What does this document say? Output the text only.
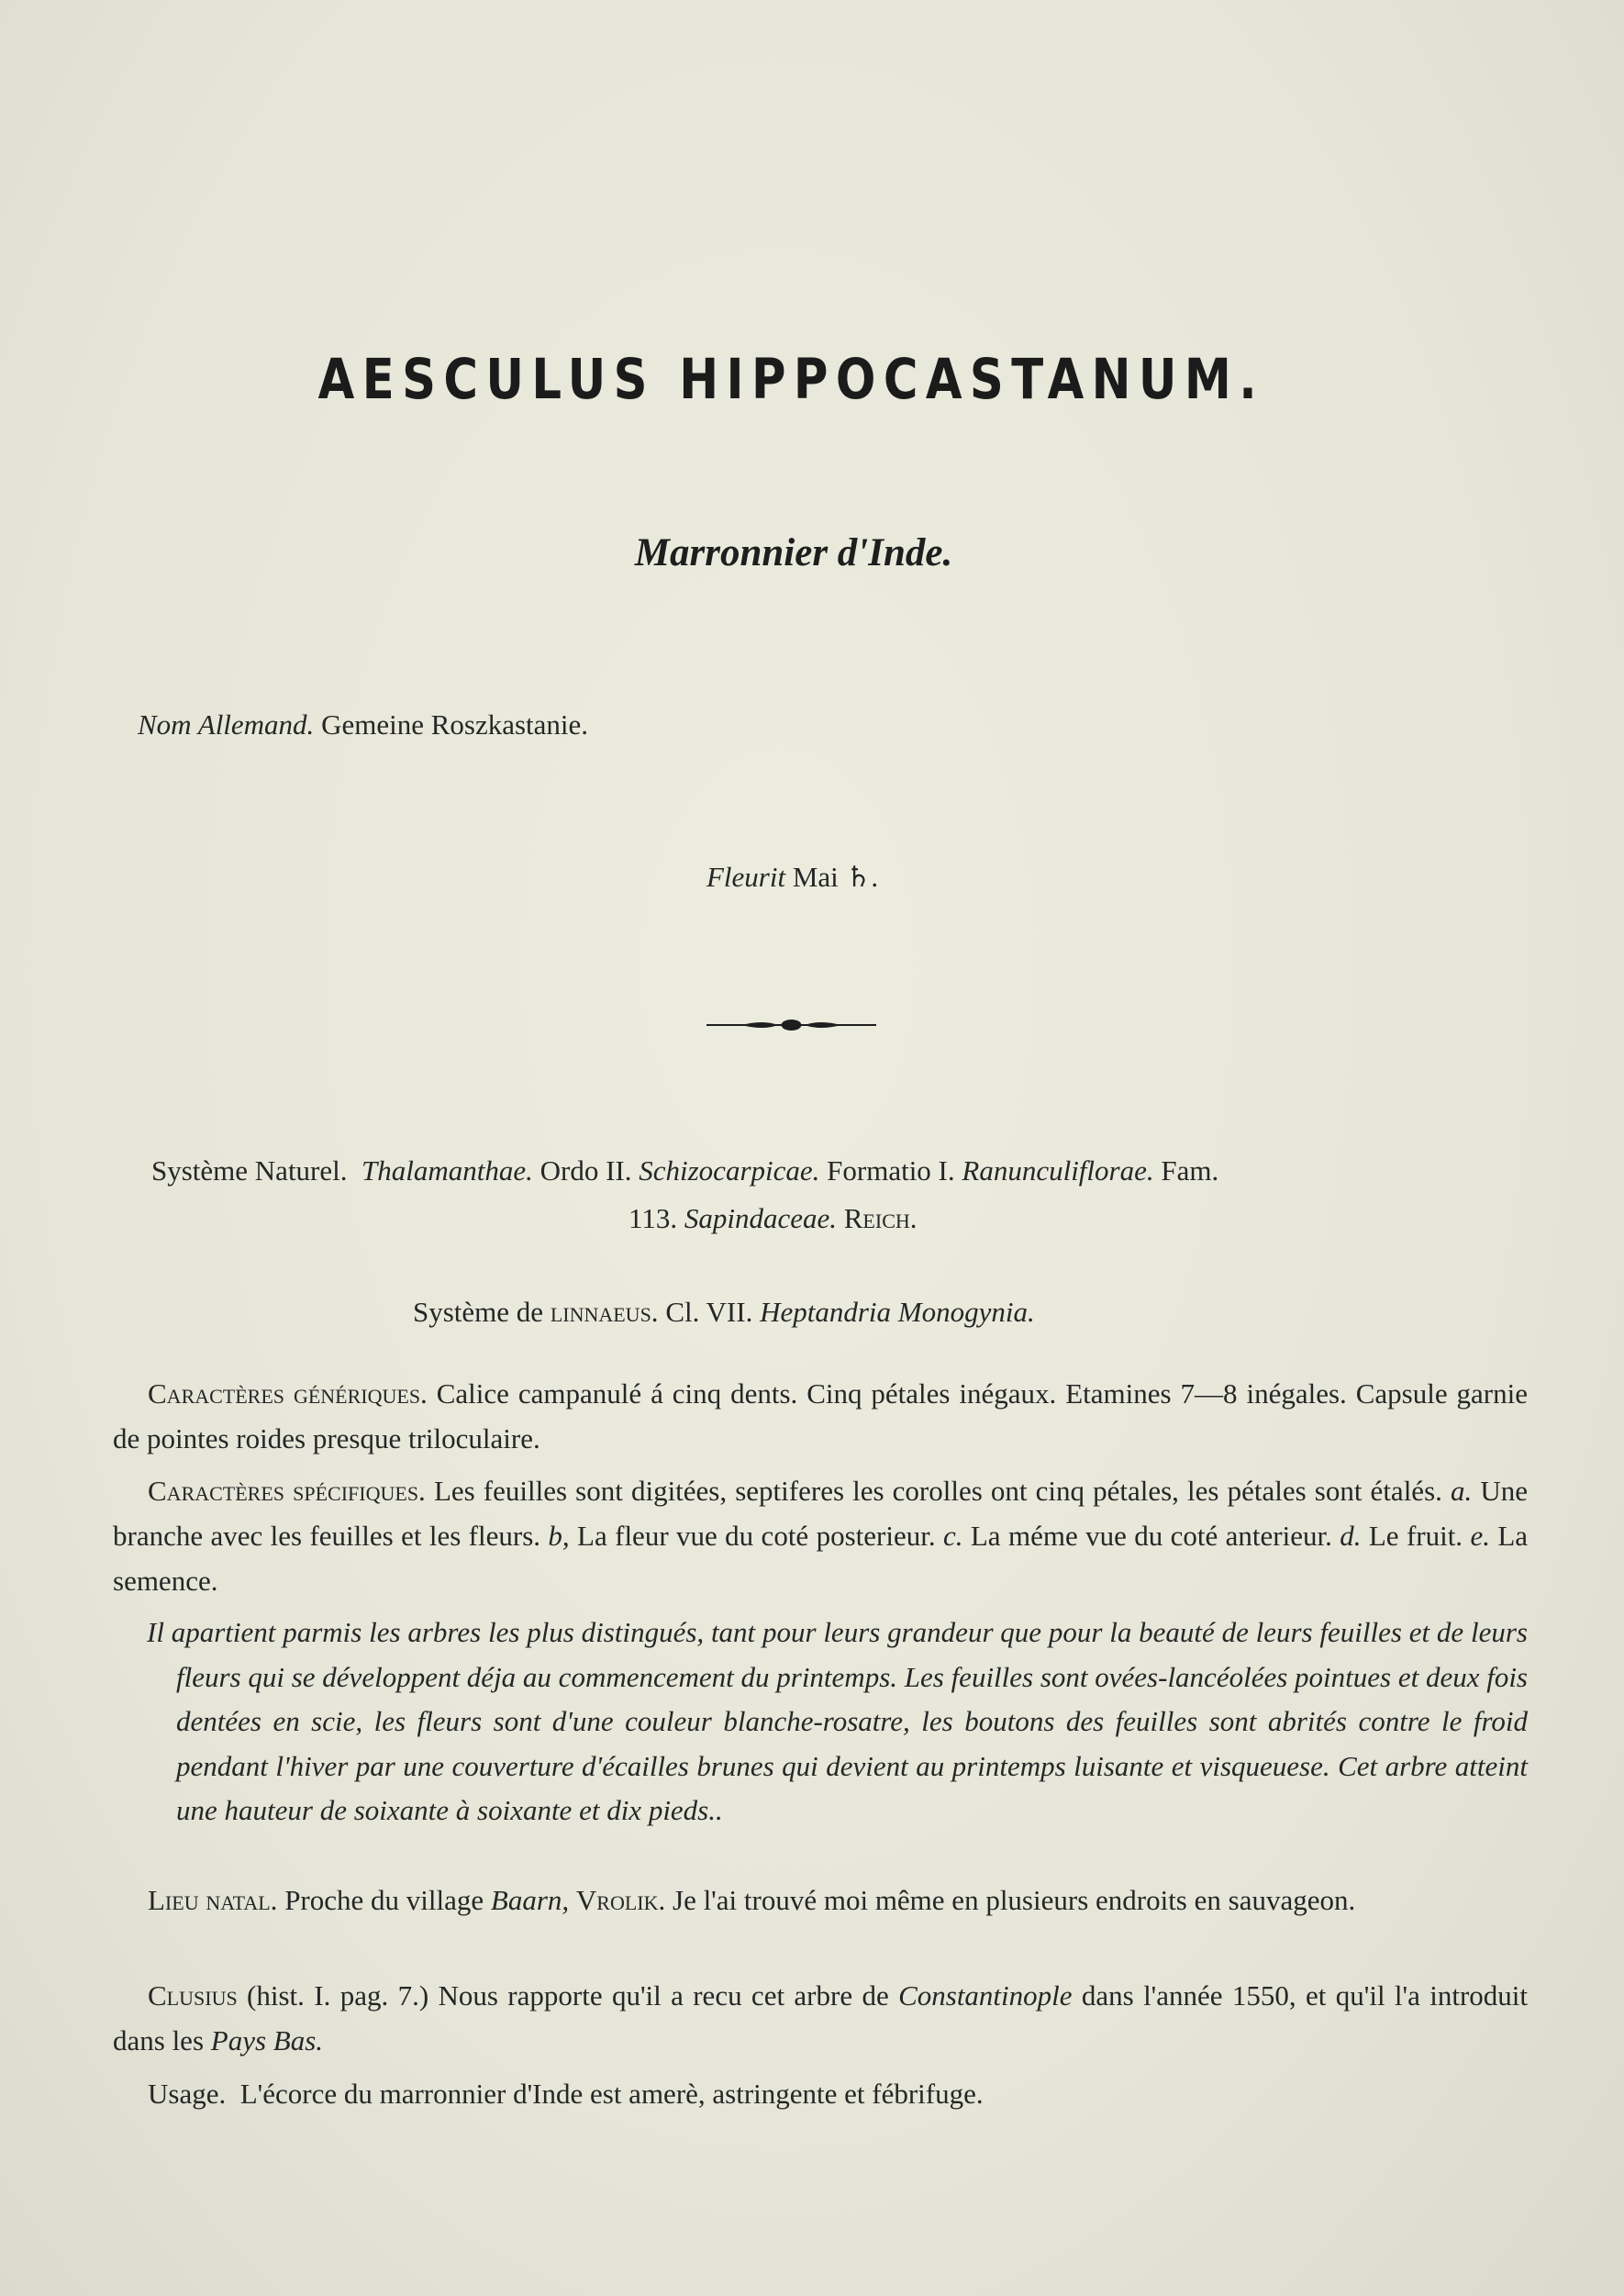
AESCULUS HIPPOCASTANUM.
Marronnier d'Inde.
Nom Allemand. Gemeine Roszkastanie.
Fleurit Mai ♄.
Système Naturel. Thalamanthae. Ordo II. Schizocarpicae. Formatio I. Ranunculiflorae. Fam.
113. Sapindaceae. Reich.
Système de linnaeus. Cl. VII. Heptandria Monogynia.
Caractères génériques. Calice campanulé á cinq dents. Cinq pétales inégaux. Etamines 7—8 inégales. Capsule garnie de pointes roides presque triloculaire.
Caractères spécifiques. Les feuilles sont digitées, septiferes les corolles ont cinq pétales, les pétales sont étalés. a. Une branche avec les feuilles et les fleurs. b, La fleur vue du coté posterieur. c. La méme vue du coté anterieur. d. Le fruit. e. La semence.
Il apartient parmis les arbres les plus distingués, tant pour leurs grandeur que pour la beauté de leurs feuilles et de leurs fleurs qui se développent déja au commencement du printemps. Les feuilles sont ovées-lancéolées pointues et deux fois dentées en scie, les fleurs sont d'une couleur blanche-rosatre, les boutons des feuilles sont abrités contre le froid pendant l'hiver par une couverture d'écailles brunes qui devient au printemps luisante et visqueuese. Cet arbre atteint une hauteur de soixante à soixante et dix pieds..
Lieu natal. Proche du village Baarn, Vrolik. Je l'ai trouvé moi même en plusieurs endroits en sauvageon.
Clusius (hist. I. pag. 7.) Nous rapporte qu'il a recu cet arbre de Constantinople dans l'année 1550, et qu'il l'a introduit dans les Pays Bas.
Usage. L'écorce du marronnier d'Inde est amerè, astringente et fébrifuge.
